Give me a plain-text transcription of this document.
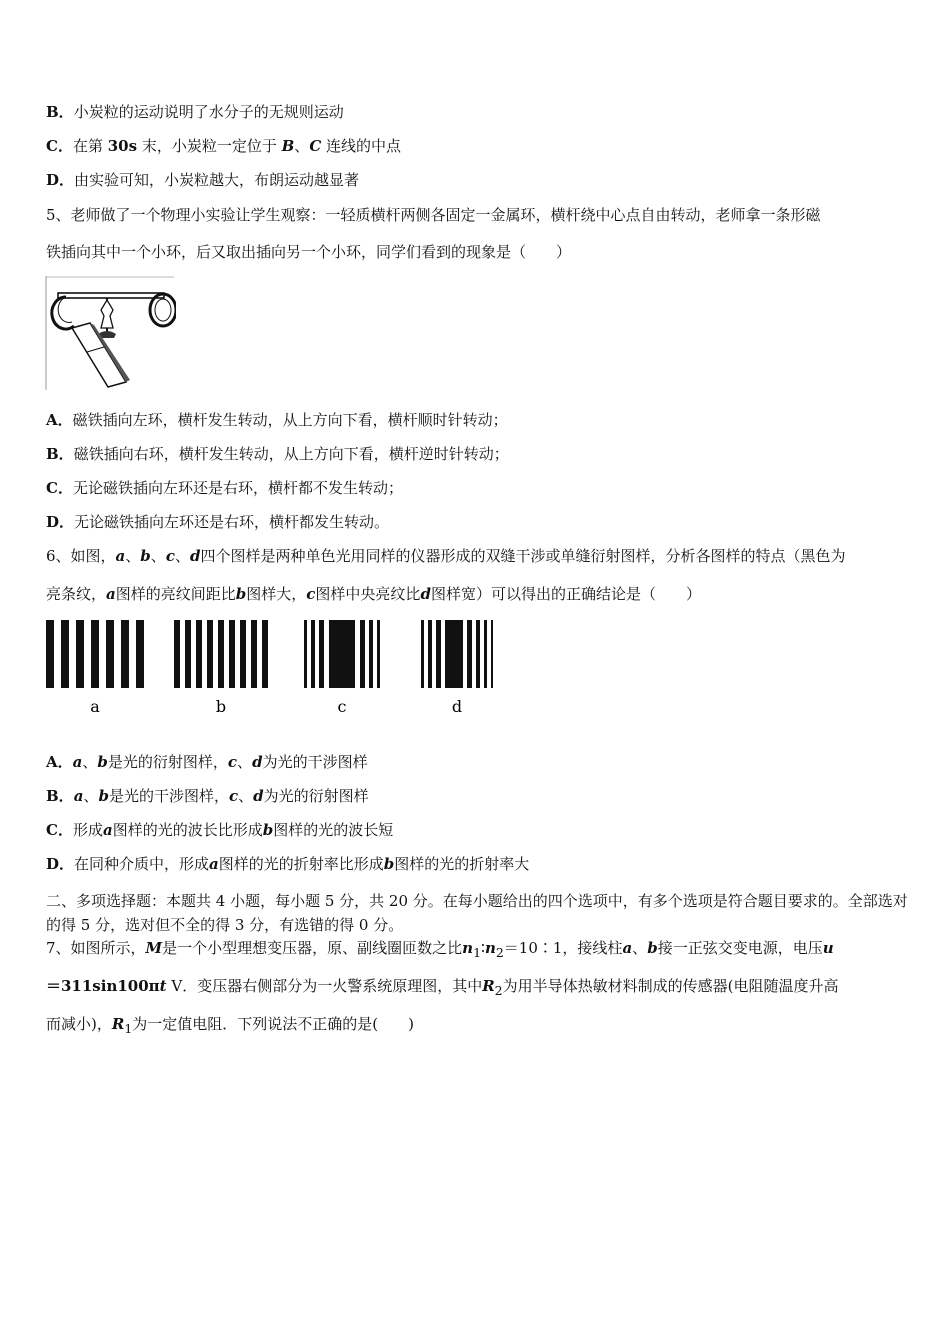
B．小炭粒的运动说明了水分子的无规则运动
C．在第 30s 末，小炭粒一定位于 B、C 连线的中点
D．由实验可知，小炭粒越大，布朗运动越显著
5、老师做了一个物理小实验让学生观察：一轻质横杆两侧各固定一金属环，横杆绕中心点自由转动，老师拿一条形磁
铁插向其中一个小环，后又取出插向另一个小环，同学们看到的现象是（　　）
A．磁铁插向左环，横杆发生转动，从上方向下看，横杆顺时针转动；
B．磁铁插向右环，横杆发生转动，从上方向下看，横杆逆时针转动；
C．无论磁铁插向左环还是右环，横杆都不发生转动；
D．无论磁铁插向左环还是右环，横杆都发生转动。
6、如图，a、b、c、d四个图样是两种单色光用同样的仪器形成的双缝干涉或单缝衍射图样，分析各图样的特点（黑色为
亮条纹，a图样的亮纹间距比b图样大，c图样中央亮纹比d图样宽）可以得出的正确结论是（　　）
a	b	c	d
A．a、b是光的衍射图样，c、d为光的干涉图样
B．a、b是光的干涉图样，c、d为光的衍射图样
C．形成a图样的光的波长比形成b图样的光的波长短
D．在同种介质中，形成a图样的光的折射率比形成b图样的光的折射率大
二、多项选择题：本题共 4 小题，每小题 5 分，共 20 分。在每小题给出的四个选项中，有多个选项是符合题目要求的。全部选对的得 5 分，选对但不全的得 3 分，有选错的得 0 分。
7、如图所示，M是一个小型理想变压器，原、副线圈匝数之比$n_1∶n_2=10∶1$，接线柱a、b接一正弦交变电源，电压u
＝311sin100πt V．变压器右侧部分为一火警系统原理图，其中$R_2$为用半导体热敏材料制成的传感器(电阻随温度升高
而减小)，$R_1$为一定值电阻．下列说法不正确的是(　　)
